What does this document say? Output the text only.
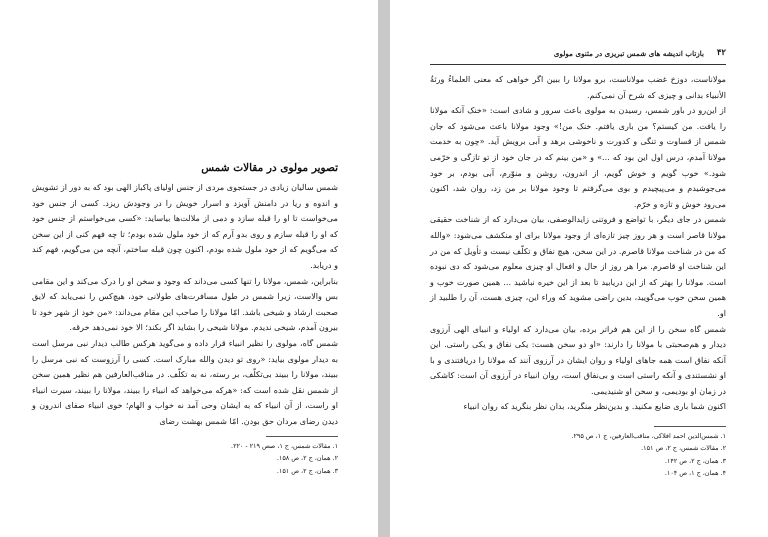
تصویر مولوی در مقالات شمس

شمس سالیان زیادی در جستجوی مردی از جنس اولیای پاکباز الهی بود که به دور از تشویش و اندوه و ریا در دامنش آویزد و اسرار خویش را در وجودش ریزد. کسی از جنس خود می‌خواست تا او را قبله سازد و دمی از ملالت‌ها بیاساید: «کسی می‌خواستم از جنس خود که او را قبله سازم و روی بدو آرم که از خود ملول شده بودم؛ تا چه فهم کنی از این سخن که می‌گویم که از خود ملول شده بودم، اکنون چون قبله ساختم، آنچه من می‌گویم، فهم کند و دریابد.

بنابراین، شمس، مولانا را تنها کسی می‌داند که وجود و سخن او را درک می‌کند و این مقامی بس والاست، زیرا شمس در طول مسافرت‌های طولانی خود، هیچ‌کس را نمی‌یابد که لایق صحبت ارشاد و شیخی باشد. امّا مولانا را صاحب این مقام می‌داند: «من خود از شهر خود تا بیرون آمدم، شیخی ندیدم. مولانا شیخی را بشاید اگر بکند؛ الا خود نمی‌دهد خرقه.

شمس گاه، مولوی را نظیر انبیاء قرار داده و می‌گوید هرکس طالب دیدار نبی مرسل است به دیدار مولوی بیاید: «روی تو دیدن والله مبارک است. کسی را آرزوست که نبی مرسل را ببیند، مولانا را ببیند بی‌تکلّف، بر رسته، نه به تکلّف. در مناقب‌العارفین هم نظیر همین سخن از شمس نقل شده است که: «هرکه می‌خواهد که انبیاء را ببیند، مولانا را ببیند، سیرت انبیاء او راست، از آن انبیاء که به ایشان وحی آمد نه خواب و الهام؛ خوی انبیاء صفای اندرون و دیدن رضای مردان حق بودن. امّا شمس بهشت رضای

۱. مقالات شمس، ج ۱، صص ۲۱۹ - ۲۲۰.
۲. همان، ج ۲، ص ۱۵۸.
۳. همان، ج ۲، ص ۱۵۱.
۴۲
بازتاب اندیشه های شمس تبریزی در مثنوی مولوی

مولاناست، دوزخ غضب مولاناست، برو مولانا را ببین اگر خواهی که معنی العلماءُ ورثةُ الأنبیاء بدانی و چیزی که شرح آن نمی‌کنم.

از این‌رو در باور شمس، رسیدن به مولوی باعث سرور و شادی است: «خنک آنکه مولانا را یافت. من کیستم؟ من باری یافتم. خنک من!» وجود مولانا باعث می‌شود که جان شمس از قساوت و تنگی و کدورت و ناخوشی برهد و آبی برویش آید. «چون به خدمت مولانا آمدم، درس اول این بود که ...» و «من بینم که در جان خود از تو تازگی و خرّمی شود.» خوب گویم و خوش گویم، از اندرون، روشن و منوّرم، آبی بودم، بر خود می‌جوشیدم و می‌پیچیدم و بوی می‌گرفتم تا وجود مولانا بر من زد، روان شد، اکنون می‌رود خوش و تازه و خرّم.

شمس در جای دیگر، با تواضع و فروتنی زایدالوصفی، بیان می‌دارد که از شناخت حقیقی مولانا قاصر است و هر روز چیز تازه‌ای از وجود مولانا برای او منکشف می‌شود: «والله که من در شناخت مولانا قاصرم. در این سخن، هیچ نفاق و تکلّف نیست و تأویل که من در این شناخت او قاصرم. مرا هر روز از حال و افعال او چیزی معلوم می‌شود که دی نبوده است. مولانا را بهتر که از این دریابید تا بعد از این خیره نباشید ... همین صورت خوب و همین سخن خوب می‌گویید، بدین راضی مشوید که وراء این، چیزی هست، آن را طلبید از او.

شمس گاه سخن را از این هم فراتر برده، بیان می‌دارد که اولیاء و انبیای الهی آرزوی دیدار و هم‌صحبتی با مولانا را دارند: «او دو سخن هست: یکی نفاق و یکی راستی. این آنکه نفاق است همه جاهای اولیاء و روان ایشان در آرزوی آنند که مولانا را دریافتندی و با او نشستندی و آنکه راستی است و بی‌نفاق است، روان انبیاء در آرزوی آن است: کاشکی در زمان او بودیمی، و سخن او شنیدیمی.

اکنون شما باری ضایع مکنید. و بدین‌نظر منگرید، بدان نظر بنگرید که روان انبیاء

۱. شمس‌الدین احمد افلاکی، مناقب‌العارفین، ج ۱، ص ۲۹۵.
۲. مقالات شمس، ج ۲، ص ۱۵۱.
۳. همان، ج ۲، ص ۱۴۲.
۴. همان، ج ۱، ص ۱۰۴.
